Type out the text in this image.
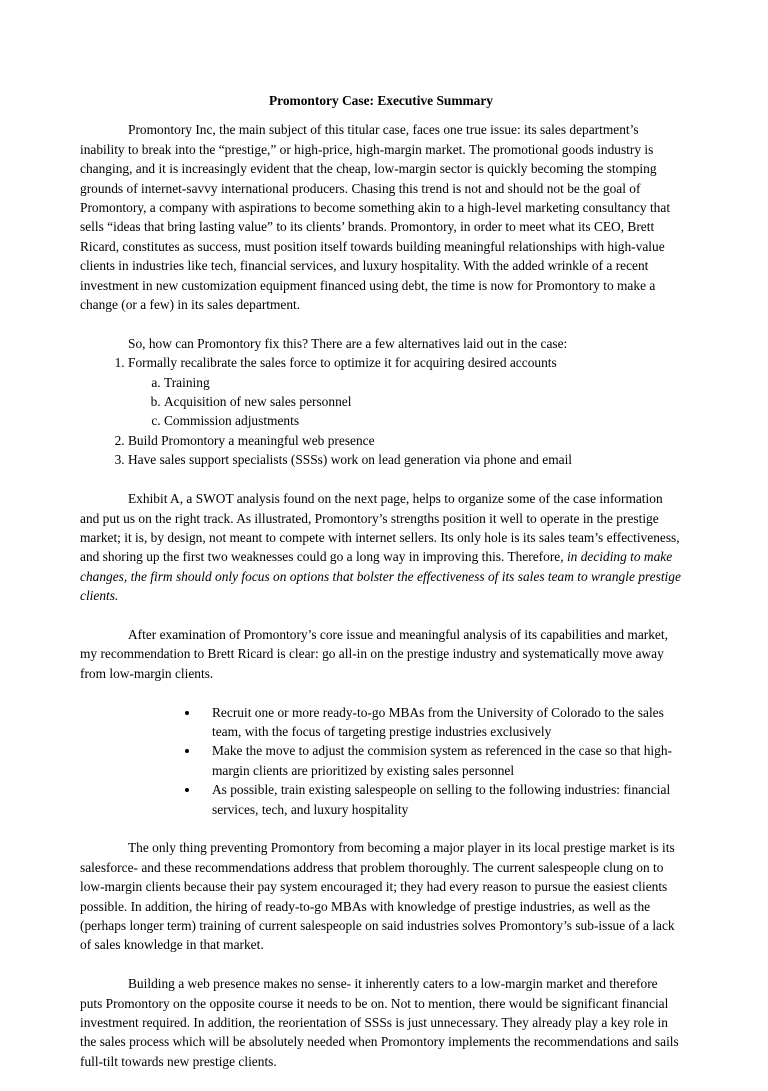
Promontory Case: Executive Summary

Promontory Inc, the main subject of this titular case, faces one true issue: its sales department’s inability to break into the “prestige,” or high-price, high-margin market. The promotional goods industry is changing, and it is increasingly evident that the cheap, low-margin sector is quickly becoming the stomping grounds of internet-savvy international producers. Chasing this trend is not and should not be the goal of Promontory, a company with aspirations to become something akin to a high-level marketing consultancy that sells “ideas that bring lasting value” to its clients’ brands. Promontory, in order to meet what its CEO, Brett Ricard, constitutes as success, must position itself towards building meaningful relationships with high-value clients in industries like tech, financial services, and luxury hospitality. With the added wrinkle of a recent investment in new customization equipment financed using debt, the time is now for Promontory to make a change (or a few) in its sales department.

So, how can Promontory fix this? There are a few alternatives laid out in the case:

1. Formally recalibrate the sales force to optimize it for acquiring desired accounts
a. Training
b. Acquisition of new sales personnel
c. Commission adjustments
2. Build Promontory a meaningful web presence
3. Have sales support specialists (SSSs) work on lead generation via phone and email

Exhibit A, a SWOT analysis found on the next page, helps to organize some of the case information and put us on the right track. As illustrated, Promontory’s strengths position it well to operate in the prestige market; it is, by design, not meant to compete with internet sellers. Its only hole is its sales team’s effectiveness, and shoring up the first two weaknesses could go a long way in improving this. Therefore, in deciding to make changes, the firm should only focus on options that bolster the effectiveness of its sales team to wrangle prestige clients.

After examination of Promontory’s core issue and meaningful analysis of its capabilities and market, my recommendation to Brett Ricard is clear: go all-in on the prestige industry and systematically move away from low-margin clients.

• Recruit one or more ready-to-go MBAs from the University of Colorado to the sales team, with the focus of targeting prestige industries exclusively
• Make the move to adjust the commision system as referenced in the case so that high-margin clients are prioritized by existing sales personnel
• As possible, train existing salespeople on selling to the following industries: financial services, tech, and luxury hospitality

The only thing preventing Promontory from becoming a major player in its local prestige market is its salesforce- and these recommendations address that problem thoroughly. The current salespeople clung on to low-margin clients because their pay system encouraged it; they had every reason to pursue the easiest clients possible. In addition, the hiring of ready-to-go MBAs with knowledge of prestige industries, as well as the (perhaps longer term) training of current salespeople on said industries solves Promontory’s sub-issue of a lack of sales knowledge in that market.

Building a web presence makes no sense- it inherently caters to a low-margin market and therefore puts Promontory on the opposite course it needs to be on. Not to mention, there would be significant financial investment required. In addition, the reorientation of SSSs is just unnecessary. They already play a key role in the sales process which will be absolutely needed when Promontory implements the recommendations and sails full-tilt towards new prestige clients.
